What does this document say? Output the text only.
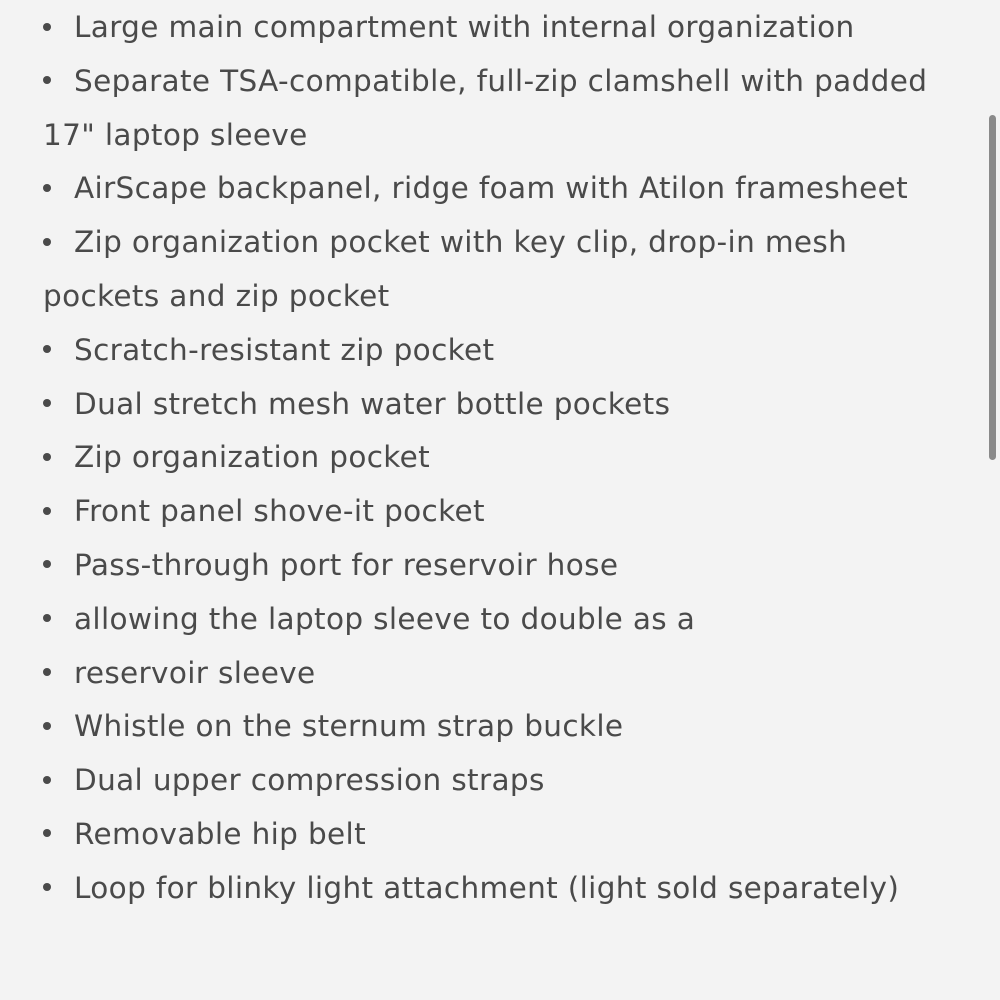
Large main compartment with internal organization
Separate TSA-compatible, full-zip clamshell with padded 17" laptop sleeve
AirScape backpanel, ridge foam with Atilon framesheet
Zip organization pocket with key clip, drop-in mesh pockets and zip pocket
Scratch-resistant zip pocket
Dual stretch mesh water bottle pockets
Zip organization pocket
Front panel shove-it pocket
Pass-through port for reservoir hose
allowing the laptop sleeve to double as a
reservoir sleeve
Whistle on the sternum strap buckle
Dual upper compression straps
Removable hip belt
Loop for blinky light attachment (light sold separately)
